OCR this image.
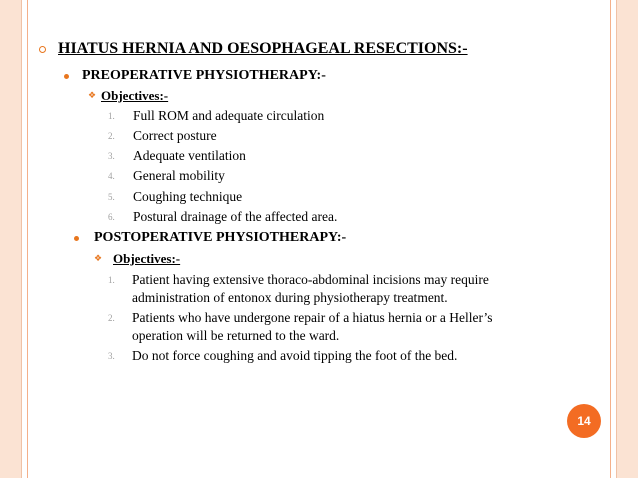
HIATUS HERNIA AND OESOPHAGEAL RESECTIONS:-
PREOPERATIVE PHYSIOTHERAPY:-
❖ Objectives:-
1. Full ROM and adequate circulation
2. Correct posture
3. Adequate ventilation
4. General mobility
5. Coughing technique
6. Postural drainage of the affected area.
POSTOPERATIVE PHYSIOTHERAPY:-
❖ Objectives:-
1. Patient having extensive thoraco-abdominal incisions may require
administration of entonox during physiotherapy treatment.
2. Patients who have undergone repair of a hiatus hernia or a Heller’s
operation will be returned to the ward.
3. Do not force coughing and avoid tipping the foot of the bed.
14
